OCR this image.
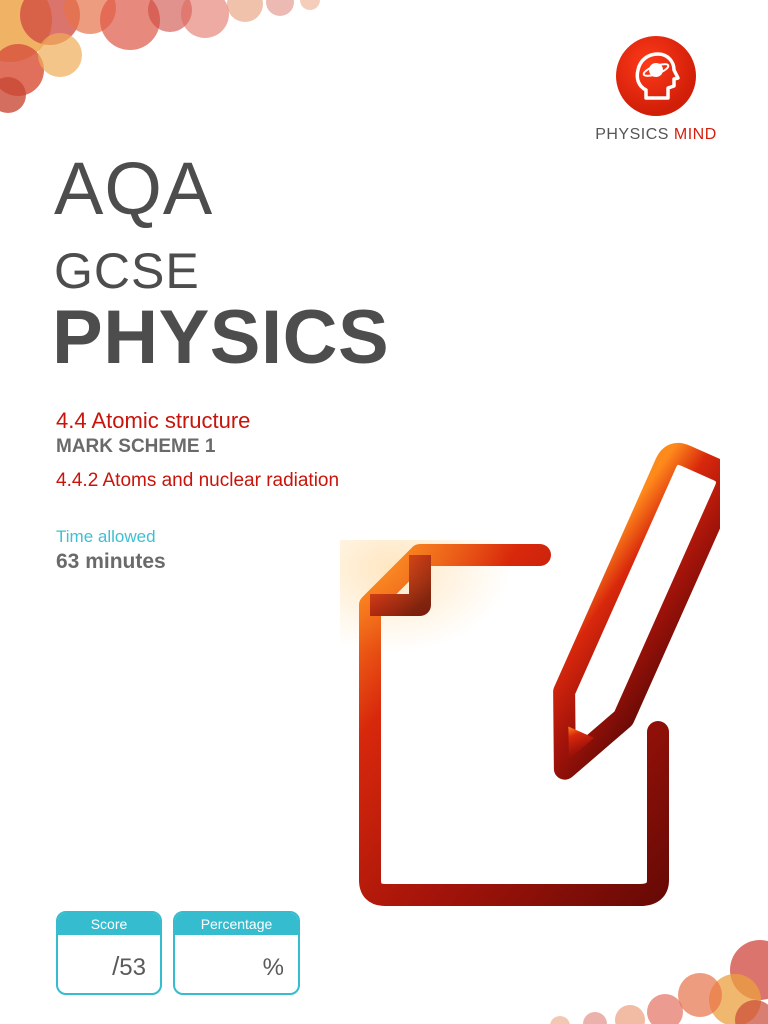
PHYSICS MIND
AQA
GCSE
PHYSICS
4.4 Atomic structure
MARK SCHEME 1
4.4.2 Atoms and nuclear radiation
Time allowed
63 minutes
Score
/53
Percentage
%
